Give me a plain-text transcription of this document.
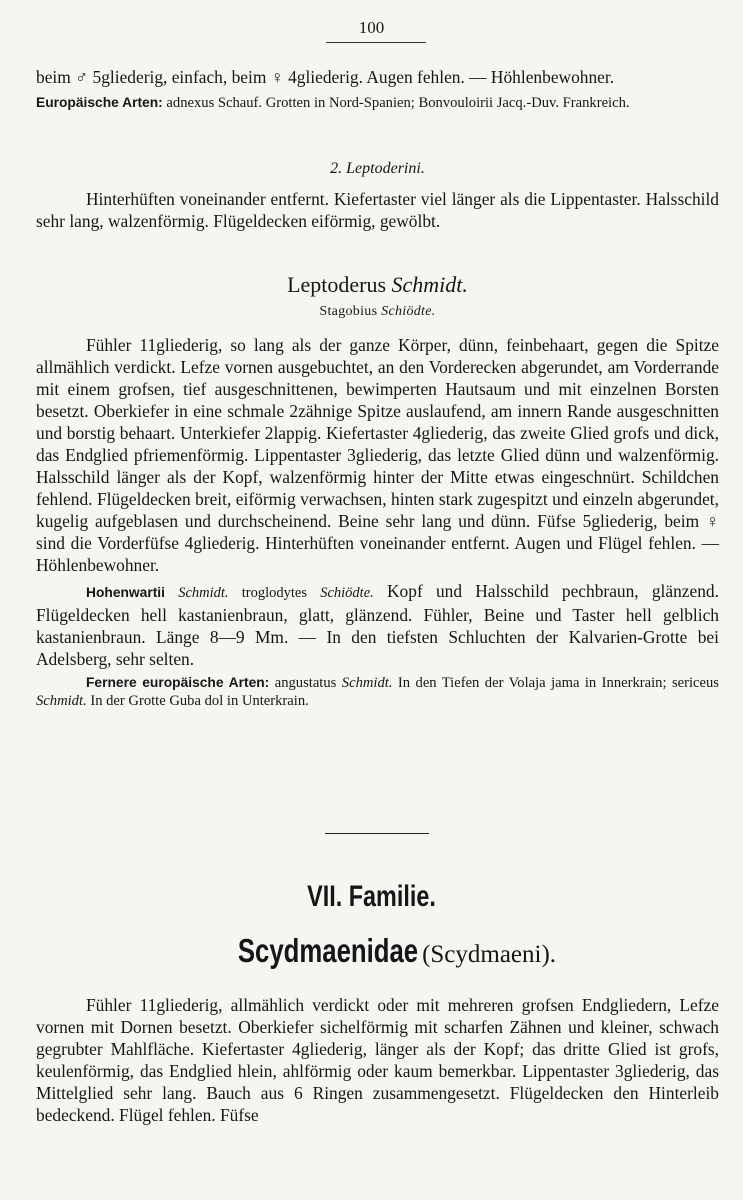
100

beim ♂ 5gliederig, einfach, beim ♀ 4gliederig. Augen fehlen. — Höhlenbewohner.

Europäische Arten: adnexus Schauf. Grotten in Nord-Spanien; Bonvouloirii Jacq.-Duv. Frankreich.

2. Leptoderini.

Hinterhüften voneinander entfernt. Kiefertaster viel länger als die Lippentaster. Halsschild sehr lang, walzenförmig. Flügeldecken eiförmig, gewölbt.

Leptoderus Schmidt.

Stagobius Schiödte.

Fühler 11gliederig, so lang als der ganze Körper, dünn, feinbehaart, gegen die Spitze allmählich verdickt. Lefze vornen ausgebuchtet, an den Vorderecken abgerundet, am Vorderrande mit einem grofsen, tief ausgeschnittenen, bewimperten Hautsaum und mit einzelnen Borsten besetzt. Oberkiefer in eine schmale 2zähnige Spitze auslaufend, am innern Rande ausgeschnitten und borstig behaart. Unterkiefer 2lappig. Kiefertaster 4gliederig, das zweite Glied grofs und dick, das Endglied pfriemenförmig. Lippentaster 3gliederig, das letzte Glied dünn und walzenförmig. Halsschild länger als der Kopf, walzenförmig hinter der Mitte etwas eingeschnürt. Schildchen fehlend. Flügeldecken breit, eiförmig verwachsen, hinten stark zugespitzt und einzeln abgerundet, kugelig aufgeblasen und durchscheinend. Beine sehr lang und dünn. Füfse 5gliederig, beim ♀ sind die Vorderfüfse 4gliederig. Hinterhüften voneinander entfernt. Augen und Flügel fehlen. — Höhlenbewohner.

Hohenwartii Schmidt. troglodytes Schiödte. Kopf und Halsschild pechbraun, glänzend. Flügeldecken hell kastanienbraun, glatt, glänzend. Fühler, Beine und Taster hell gelblich kastanienbraun. Länge 8—9 Mm. — In den tiefsten Schluchten der Kalvarien-Grotte bei Adelsberg, sehr selten.

Fernere europäische Arten: angustatus Schmidt. In den Tiefen der Volaja jama in Innerkrain; sericeus Schmidt. In der Grotte Guba dol in Unterkrain.

VII. Familie.
Scydmaenidae (Scydmaeni).

Fühler 11gliederig, allmählich verdickt oder mit mehreren grofsen Endgliedern, Lefze vornen mit Dornen besetzt. Oberkiefer sichelförmig mit scharfen Zähnen und kleiner, schwach gegrubter Mahlfläche. Kiefertaster 4gliederig, länger als der Kopf; das dritte Glied ist grofs, keulenförmig, das Endglied hlein, ahlförmig oder kaum bemerkbar. Lippentaster 3gliederig, das Mittelglied sehr lang. Bauch aus 6 Ringen zusammengesetzt. Flügeldecken den Hinterleib bedeckend. Flügel fehlen. Füfse
